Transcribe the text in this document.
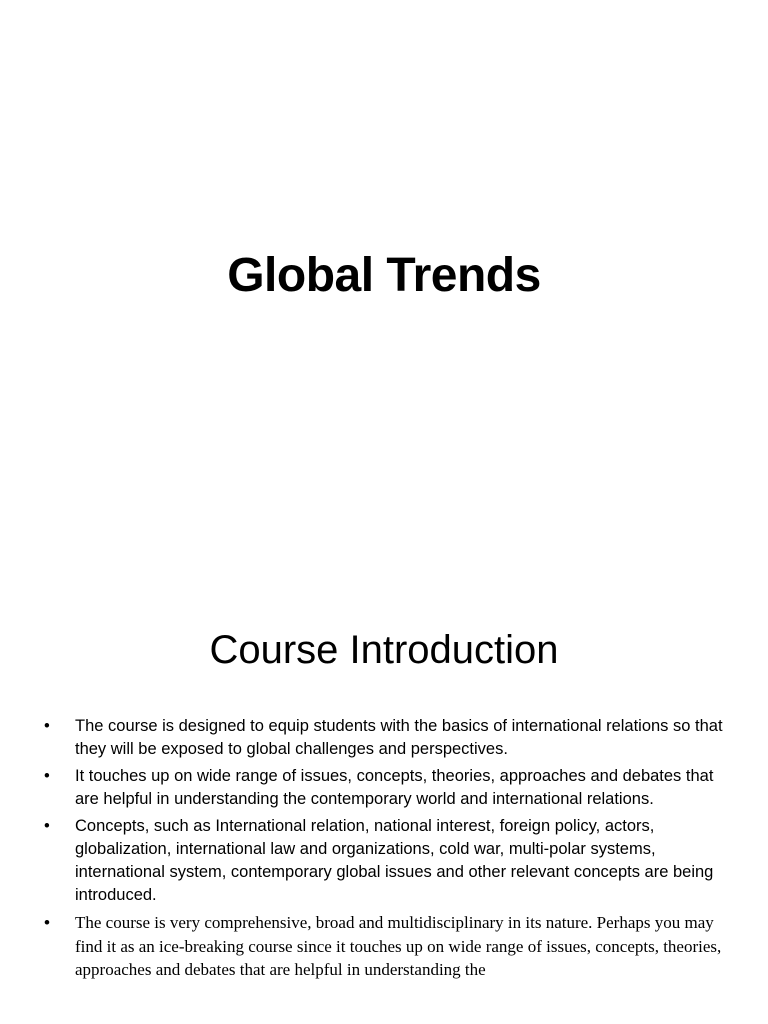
Global Trends
Course Introduction
• The course is designed to equip students with the basics of international relations so that they will be exposed to global challenges and perspectives.
• It touches up on wide range of issues, concepts, theories, approaches and debates that are helpful in understanding the contemporary world and international relations.
• Concepts, such as International relation, national interest, foreign policy, actors, globalization, international law and organizations, cold war, multi-polar systems, international system, contemporary global issues and other relevant concepts are being introduced.
• The course is very comprehensive, broad and multidisciplinary in its nature. Perhaps you may find it as an ice-breaking course since it touches up on wide range of issues, concepts, theories, approaches and debates that are helpful in understanding the
